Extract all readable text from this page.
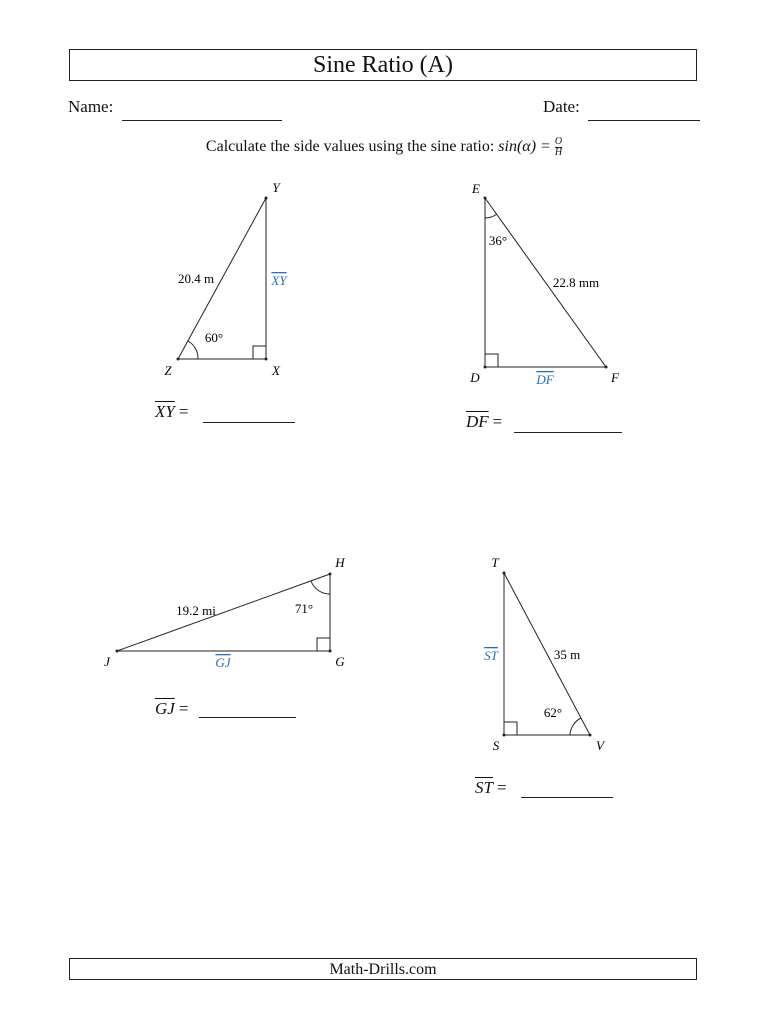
Sine Ratio (A)
Name:	Date:
Calculate the side values using the sine ratio: $\sin(\alpha) = \frac{O}{H}$
Y
Z	X
20.4 m
60°
XY
E
D	F
22.8 mm
36°
DF
H
J	G
19.2 mi	71°
GJ
T
S	V
35 m
62°
ST
$\overline{XY}$ =
$\overline{DF}$ =
$\overline{GJ}$ =
$\overline{ST}$ =
Math-Drills.com
